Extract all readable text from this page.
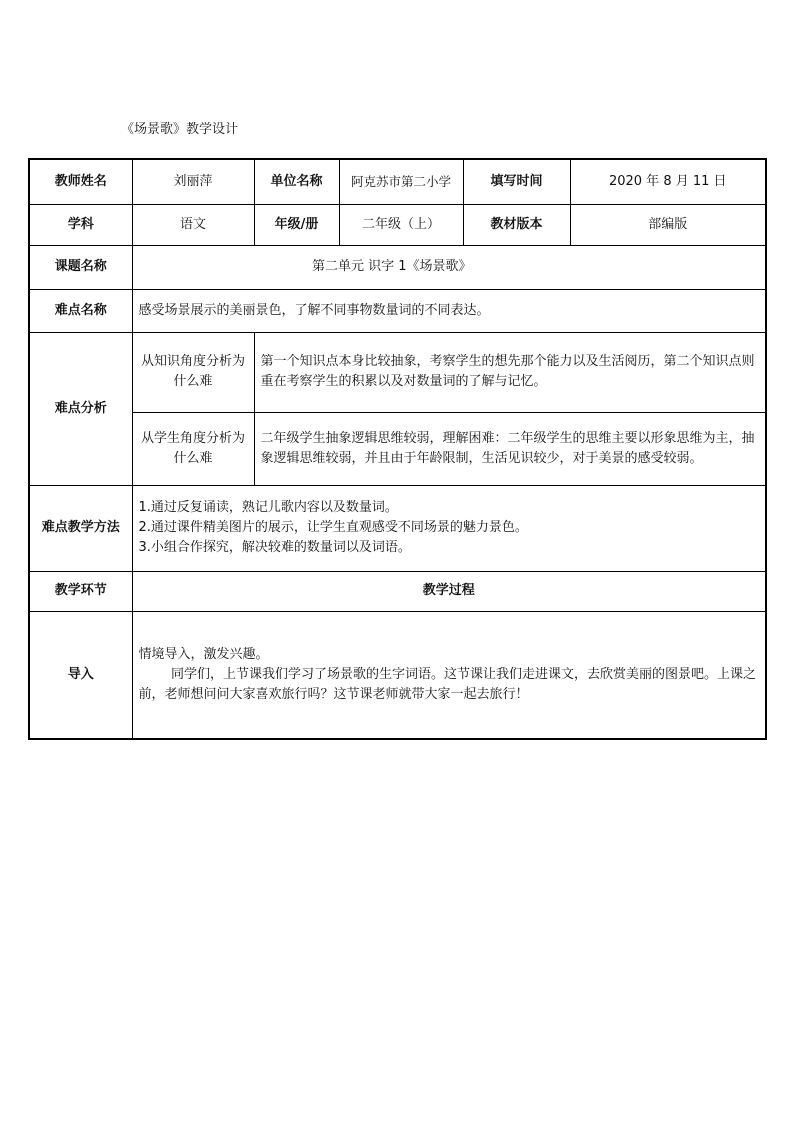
《场景歌》教学设计
教师姓名	刘丽萍	单位名称	阿克苏市第二小学	填写时间	2020 年 8 月 11 日
学科	语文	年级/册	二年级（上）	教材版本	部编版
课题名称	第二单元 识字 1《场景歌》				
难点名称	感受场景展示的美丽景色，了解不同事物数量词的不同表达。				
难点分析	从知识角度分析为什么难	第一个知识点本身比较抽象，考察学生的想先那个能力以及生活阅历，第二个知识点则重在考察学生的积累以及对数量词的了解与记忆。			
	从学生角度分析为什么难	二年级学生抽象逻辑思维较弱，理解困难：二年级学生的思维主要以形象思维为主，抽象逻辑思维较弱，并且由于年龄限制，生活见识较少，对于美景的感受较弱。			
难点教学方法	1.通过反复诵读，熟记儿歌内容以及数量词。

2.通过课件精美图片的展示，让学生直观感受不同场景的魅力景色。

3.小组合作探究，解决较难的数量词以及词语。				

教学环节	教学过程				
导入	情境导入，激发兴趣。

同学们，上节课我们学习了场景歌的生字词语。这节课让我们走进课文，去欣赏美丽的图景吧。上课之前，老师想问问大家喜欢旅行吗？这节课老师就带大家一起去旅行！				
